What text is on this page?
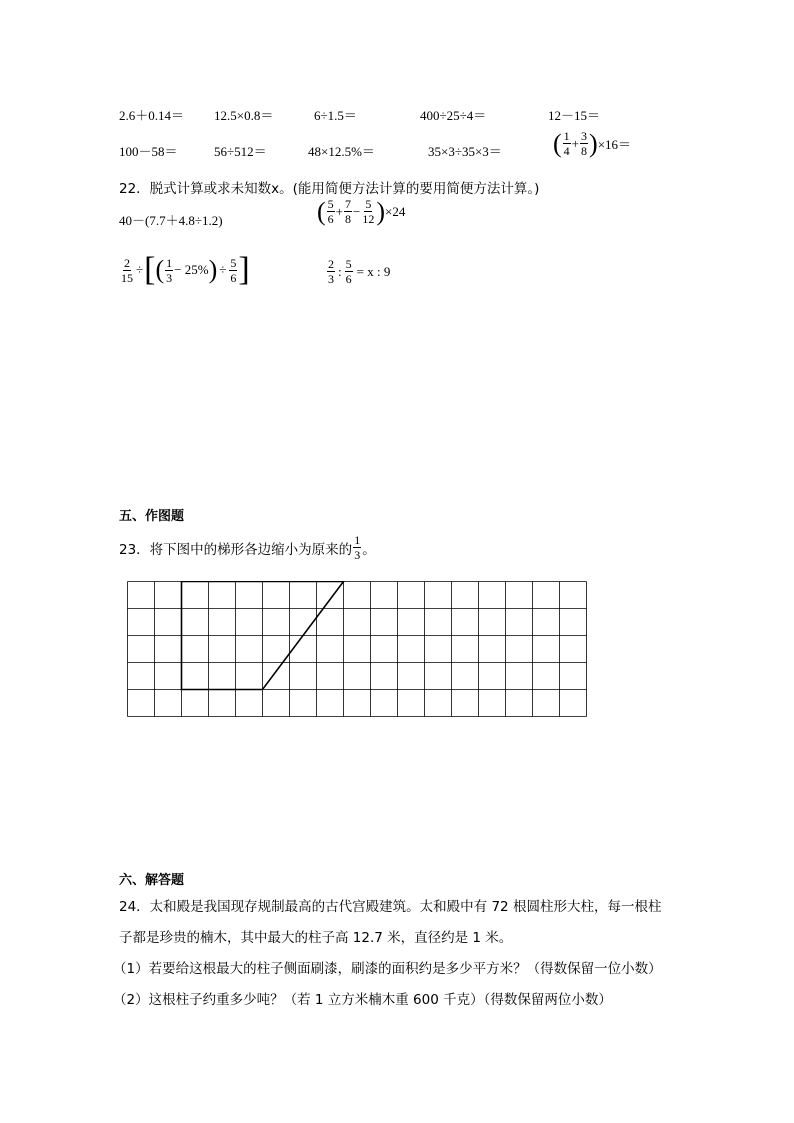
2.6＋0.14＝ 12.5×0.8＝	6÷1.5＝	400÷25÷4＝	12－15＝
100－58＝	56÷512＝	48×12.5%＝	35×3÷35×3＝ ( $\frac{1}{4} + \frac{3}{8}$ ) ×16＝
22．脱式计算或求未知数x。(能用简便方法计算的要用简便方法计算。)
40－(7.7＋4.8÷1.2)	( $\frac{5}{6} + \frac{7}{8} - \frac{5}{12}$ ) ×24
$\frac{2}{15}$ ÷ [ ( $\frac{1}{3} - 25\%$ ) ÷ $\frac{5}{6}$ ]	$\frac{2}{3}$ : $\frac{5}{6} = x$ : 9
五、作图题
23．将下图中的梯形各边缩小为原来的 $\frac{1}{3}$ 。
六、解答题
24．太和殿是我国现存规制最高的古代宫殿建筑。太和殿中有 72 根圆柱形大柱，每一根柱
子都是珍贵的楠木，其中最大的柱子高 12.7 米，直径约是 1 米。
（1）若要给这根最大的柱子侧面刷漆，刷漆的面积约是多少平方米？（得数保留一位小数）
（2）这根柱子约重多少吨？（若 1 立方米楠木重 600 千克）（得数保留两位小数）
